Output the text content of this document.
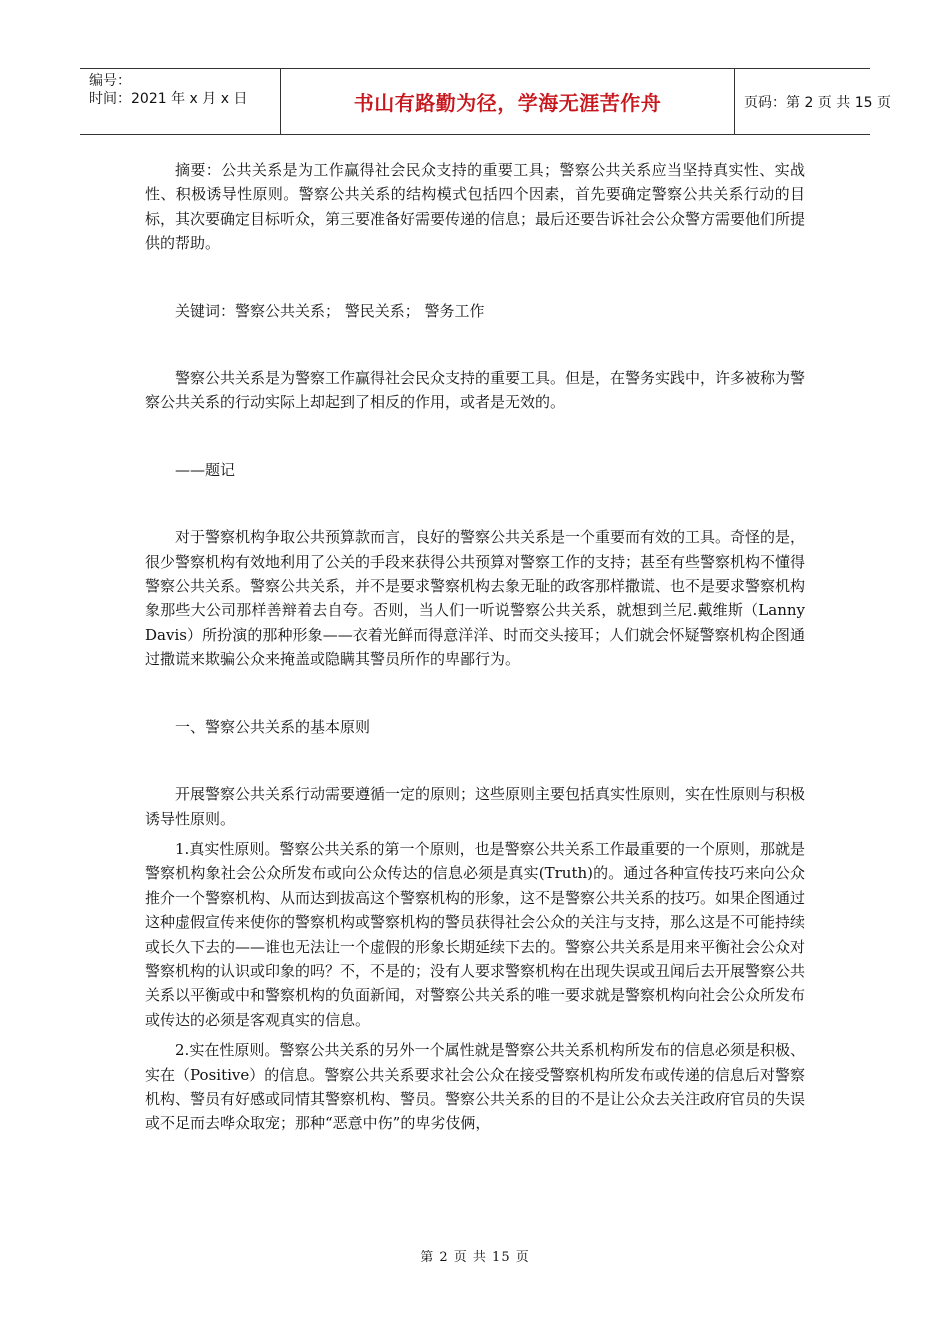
编号：
时间：2021 年 x 月 x 日	书山有路勤为径，学海无涯苦作舟	页码：第 2 页 共 15 页

摘要：公共关系是为工作赢得社会民众支持的重要工具；警察公共关系应当坚持真实性、实战性、积极诱导性原则。警察公共关系的结构模式包括四个因素，首先要确定警察公共关系行动的目标，其次要确定目标听众，第三要准备好需要传递的信息；最后还要告诉社会公众警方需要他们所提供的帮助。

关键词：警察公共关系； 警民关系； 警务工作

警察公共关系是为警察工作赢得社会民众支持的重要工具。但是，在警务实践中，许多被称为警察公共关系的行动实际上却起到了相反的作用，或者是无效的。

——题记

对于警察机构争取公共预算款而言，良好的警察公共关系是一个重要而有效的工具。奇怪的是，很少警察机构有效地利用了公关的手段来获得公共预算对警察工作的支持；甚至有些警察机构不懂得警察公共关系。警察公共关系，并不是要求警察机构去象无耻的政客那样撒谎、也不是要求警察机构象那些大公司那样善辩着去自夸。否则，当人们一听说警察公共关系，就想到兰尼.戴维斯（Lanny Davis）所扮演的那种形象——衣着光鲜而得意洋洋、时而交头接耳；人们就会怀疑警察机构企图通过撒谎来欺骗公众来掩盖或隐瞒其警员所作的卑鄙行为。

一、警察公共关系的基本原则

开展警察公共关系行动需要遵循一定的原则；这些原则主要包括真实性原则，实在性原则与积极诱导性原则。

1.真实性原则。警察公共关系的第一个原则，也是警察公共关系工作最重要的一个原则，那就是警察机构象社会公众所发布或向公众传达的信息必须是真实(Truth)的。通过各种宣传技巧来向公众推介一个警察机构、从而达到拔高这个警察机构的形象，这不是警察公共关系的技巧。如果企图通过这种虚假宣传来使你的警察机构或警察机构的警员获得社会公众的关注与支持，那么这是不可能持续或长久下去的——谁也无法让一个虚假的形象长期延续下去的。警察公共关系是用来平衡社会公众对警察机构的认识或印象的吗？不，不是的；没有人要求警察机构在出现失误或丑闻后去开展警察公共关系以平衡或中和警察机构的负面新闻，对警察公共关系的唯一要求就是警察机构向社会公众所发布或传达的必须是客观真实的信息。

2.实在性原则。警察公共关系的另外一个属性就是警察公共关系机构所发布的信息必须是积极、实在（Positive）的信息。警察公共关系要求社会公众在接受警察机构所发布或传递的信息后对警察机构、警员有好感或同情其警察机构、警员。警察公共关系的目的不是让公众去关注政府官员的失误或不足而去哗众取宠；那种“恶意中伤”的卑劣伎俩，

第 2 页 共 15 页
